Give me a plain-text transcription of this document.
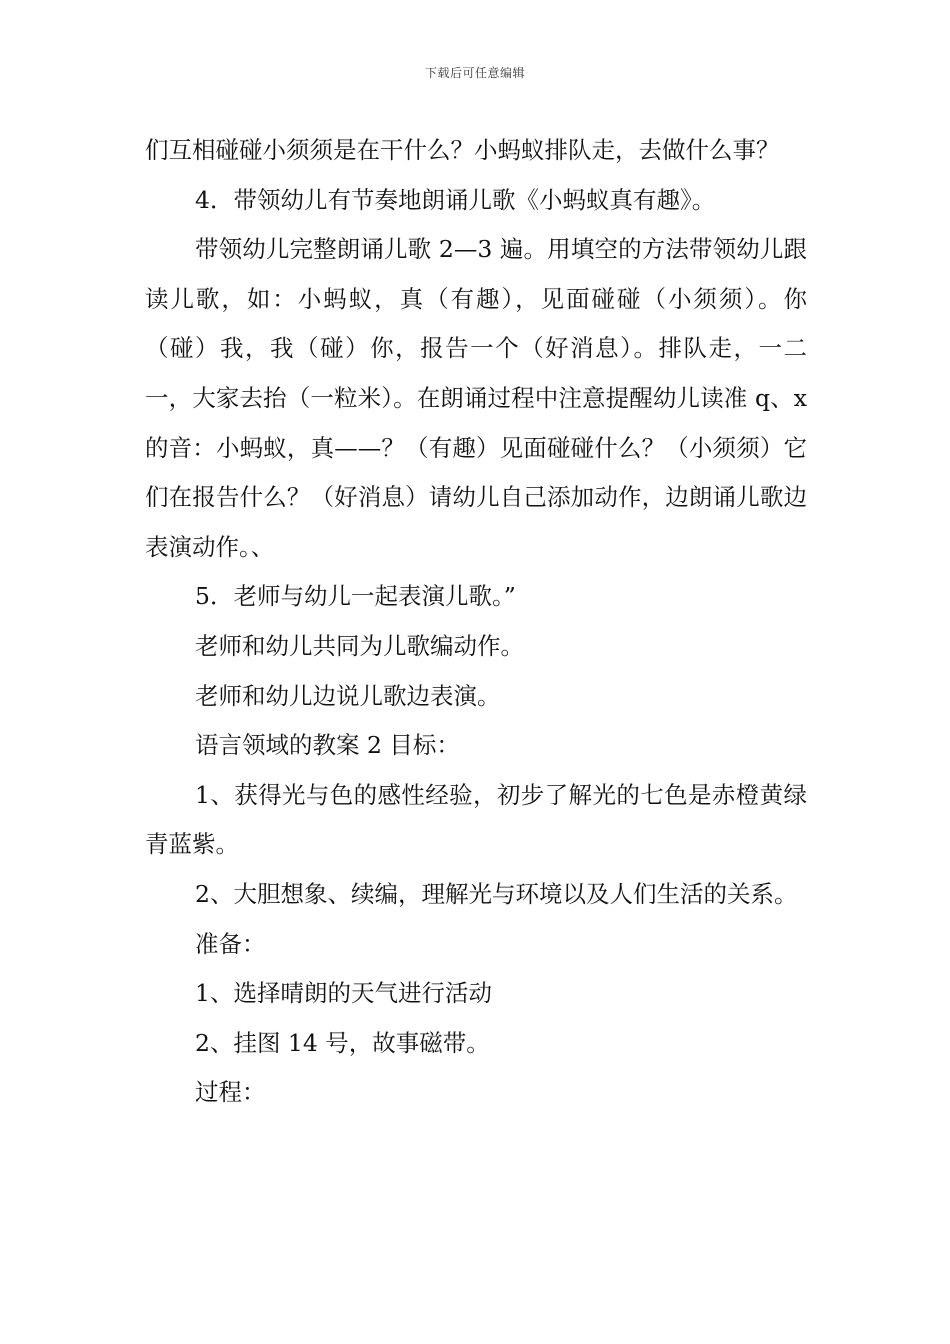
下载后可任意编辑

们互相碰碰小须须是在干什么？小蚂蚁排队走，去做什么事？

4．带领幼儿有节奏地朗诵儿歌《小蚂蚁真有趣》。

带领幼儿完整朗诵儿歌 2—3 遍。用填空的方法带领幼儿跟读儿歌，如：小蚂蚁，真（有趣），见面碰碰（小须须）。你（碰）我，我（碰）你，报告一个（好消息）。排队走，一二一，大家去抬（一粒米）。在朗诵过程中注意提醒幼儿读准 q、x 的音：小蚂蚁，真——？（有趣）见面碰碰什么？（小须须）它们在报告什么？（好消息）请幼儿自己添加动作，边朗诵儿歌边表演动作。、

5．老师与幼儿一起表演儿歌。”

老师和幼儿共同为儿歌编动作。

老师和幼儿边说儿歌边表演。

语言领域的教案 2 目标：

1、获得光与色的感性经验，初步了解光的七色是赤橙黄绿青蓝紫。

2、大胆想象、续编，理解光与环境以及人们生活的关系。

准备：

1、选择晴朗的天气进行活动

2、挂图 14 号，故事磁带。

过程：
